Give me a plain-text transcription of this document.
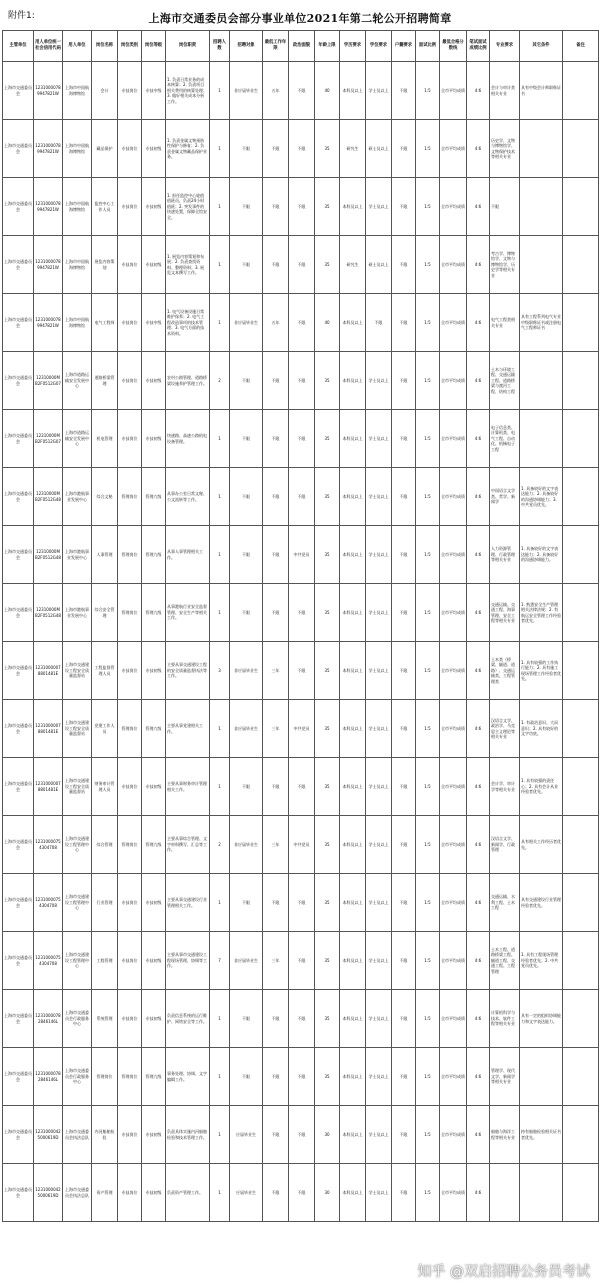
附件1:	上海市交通委员会部分事业单位2021年第二轮公开招聘简章
主管单位	用人单位统一社会信用代码	用人单位	岗位名称	岗位类别	岗位等级	岗位职责	招聘人数	招聘对象	最低工作年限	政治面貌	年龄上限	学历要求	学位要求	户籍要求	面试比例	最低合格分数线	笔试面试成绩比例	专业要求	其它条件	备注
上海市交通委员会	12310000789947821W	上海市中国航海博物馆	会计	专技岗位	专技中级	1. 负责日常业务的成本核算；2. 负责项目相关费用的核算处理；3. 做好相关成本分析工作。	1	非应届毕业生	五年	不限	40	本科及以上	学士及以上	不限	1:5	全市平均成绩	4:6	会计与审计类相关专业	具有中级会计师职称证书	
上海市交通委员会	12310000789947821W	上海市中国航海博物馆	藏品保护	专技岗位	专技初级	1. 负责金属文物预防性保护与修复；2. 负责金属文物藏品保护业务。	1	不限	不限	不限	35	研究生	硕士及以上	不限	1:5	全市平均成绩	4:6	历史学、文物与博物馆学、文物保护技术等相关专业		
上海市交通委员会	12310000789947821W	上海市中国航海博物馆	监控中心工作人员	专技岗位	专技初级	1. 担任监控中心轮值值班员，负责24小时值班；2. 突发事件的快速处置，保障全馆安全。	1	不限	不限	不限	35	本科及以上	学士及以上	不限	1:5	全市平均成绩	4:6	不限		
上海市交通委员会	12310000789947821W	上海市中国航海博物馆	展览内容策划	专技岗位	专技初级	1. 展览内容策划和布展；2. 负责查找资料、整理资料；3. 展览文本撰写工作。	1	不限	不限	不限	35	研究生	硕士及以上	不限	1:5	全市平均成绩	4:6	考古学、博物馆学、文物与博物馆学、历史学等相关专业		
上海市交通委员会	12310000789947821W	上海市中国航海博物馆	电气工程师	专技岗位	专技中级	1. 电气设备设施日常维护保养；2. 电气工程改造事项的技术管理；3. 电气方面的技术资料。	1	非应届毕业生	五年	不限	40	本科及以上	不限	不限	1:5	全市平均成绩	4:6	电气工程类相关专业	具有工程系列电气专业中级职称证书或注册电气工程师证书	
上海市交通委员会	12310000MB2F0512G07	上海市道路运输安全发展中心	道路桥梁管理	专技岗位	专技初级	农村公路管理、道路桥梁设施养护管理工作。	2	不限	不限	不限	35	本科及以上	学士及以上	不限	1:5	全市平均成绩	4:6	土木与环境工程、交通运输工程、道路桥梁与渡河工程、结构工程		
上海市交通委员会	12310000MB2F0512G07	上海市道路运输安全发展中心	机电管理	专技岗位	专技初级	快速路、高速公路机电设备管理。	1	不限	不限	不限	35	本科及以上	学士及以上	不限	1:5	全市平均成绩	4:6	电子信息类、计算机类、电气工程、自动化、机械电子工程		
上海市交通委员会	12310000MB2F0512G48	上海市港航事业发展中心	综合文秘	管理岗位	管理九级	从事办公室日常文秘、公文流转等工作。	1	不限	不限	不限	35	本科及以上	学士及以上	不限	1:5	全市平均成绩	4:6	中国语言文学类、哲学、新闻学	1. 具备较好的文字表达能力；2. 具备较好的沟通协调能力；3. 中共党员优先。	
上海市交通委员会	12310000MB2F0512G48	上海市港航事业发展中心	人事管理	管理岗位	管理九级	从事人事管理相关工作。	1	不限	不限	中共党员	35	本科及以上	学士及以上	不限	1:5	全市平均成绩	4:6	人力资源管理、行政管理等相关专业	1. 具备较好的文字表达能力；2. 具备较好的沟通协调能力。	
上海市交通委员会	12310000MB2F0512G48	上海市港航事业发展中心	综合安全管理	管理岗位	管理九级	从事港航行业安全监督管理、安全生产等相关工作。	1	不限	不限	不限	35	本科及以上	学士及以上	不限	1:5	全市平均成绩	4:6	交通运输、交通工程、海事管理、安全工程等相关专业	1. 熟悉安全生产管理相关法律法规；2. 有航运安全管理工作经验者优先。	
上海市交通委员会	12310000078801481E	上海市交通建设工程安全质量监督站	工程监督管理人员	专技岗位	专技初级	主要从事交通建设工程的安全质量监督执法等工作。	3	非应届毕业生	三年	不限	35	本科及以上	学士及以上	不限	1:5	全市平均成绩	4:6	土木类（桥梁、隧道、道路）、交通运输类、工程管理类	1. 具有较强的工作执行能力；2. 具有施工现场管理工作经验者优先。	
上海市交通委员会	12310000078801481E	上海市交通建设工程安全质量监督站	党建工作人员	管理岗位	管理九级	主要从事党建相关工作。	1	非应届毕业生	三年	中共党员	35	本科及以上	学士及以上	不限	1:5	全市平均成绩	4:6	汉语言文学、政治学、马克思主义理论等相关专业	1. 有政治意识、大局意识；2. 具有较好的文字功底。	
上海市交通委员会	12310000078801481E	上海市交通建设工程安全质量监督站	财务审计管理人员	专技岗位	专技初级	主要从事财务审计管理相关工作。	1	不限	不限	不限	35	本科及以上	学士及以上	不限	1:5	全市平均成绩	4:6	会计学、审计学等相关专业	1. 具有较强的责任心；2. 具有会计从业经验者优先。	
上海市交通委员会	12310000754304708	上海市交通建设工程管理中心	综合管理	管理岗位	管理九级	主要从事综合管理、文字材料撰写、汇总等工作。	2	非应届毕业生	三年	中共党员	35	本科及以上	学士及以上	不限	1:5	全市平均成绩	4:6	汉语言文学、新闻学、行政管理	具有相关工作经历者优先。	
上海市交通委员会	12310000754304708	上海市交通建设工程管理中心	行业管理	专技岗位	专技初级	主要从事交通建设行业管理相关工作。	1	不限	不限	不限	35	本科及以上	学士及以上	不限	1:5	全市平均成绩	4:6	交通运输、水利工程、土木工程	具有交通建设行业管理经验者优先。	
上海市交通委员会	12310000754304708	上海市交通建设工程管理中心	工程管理	专技岗位	专技初级	主要从事市交通建设工程现场管理、协调等工作。	7	非应届毕业生	三年	不限	35	本科及以上	学士及以上	不限	1:5	全市平均成绩	4:6	土木工程、道路桥梁工程、隧道工程、交通工程、工程管理	1. 具有工程现场管理经验者优先；2. 中共党员优先。	
上海市交通委员会	12310000782846146L	上海市交通委员会行政服务中心	系统管理	专技岗位	专技初级	负责信息系统的运行维护、网络安全等工作。	1	不限	不限	不限	35	本科及以上	学士及以上	不限	1:5	全市平均成绩	4:6	计算机科学与技术、软件工程等相关专业	具有一定的组织协调能力和文字表达能力。	
上海市交通委员会	12310000782846146L	上海市交通委员会行政服务中心	管理岗位	管理岗位	管理九级	事务处理、协调、文字编辑工作。	1	不限	不限	不限	35	本科及以上	学士及以上	不限	1:5	全市平均成绩	4:6	管理学、现代文学、新闻学等相关专业		
上海市交通委员会	12310000425000619D	上海市交通委员会执法总队	内河船舶检验	专技岗位	专技初级	负责具体实施内河船舶检验和技术管理工作。	1	应届毕业生	不限	不限	30	本科及以上	学士及以上	不限	1:5	全市平均成绩	4:6	船舶与海洋工程等相关专业	持有船舶检验相关证书者优先。	
上海市交通委员会	12310000425000619D	上海市交通委员会执法总队	资产管理	专技岗位	专技初级	负责资产管理工作。	1	应届毕业生	不限	不限	30	本科及以上	学士及以上	不限	1:5	全市平均成绩	4:6			
知乎 @双启招聘公务员考试
